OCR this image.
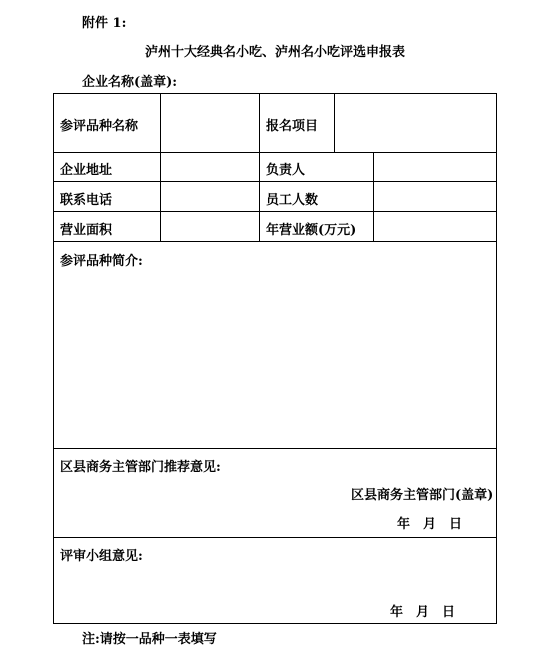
附件 1:
泸州十大经典名小吃、泸州名小吃评选申报表
企业名称(盖章):
参评品种名称	报名项目
企业地址	负责人
联系电话	员工人数
营业面积	年营业额(万元)
参评品种简介:
区县商务主管部门推荐意见:
区县商务主管部门(盖章)
年　月　日
评审小组意见:
年　月　日
注:请按一品种一表填写
